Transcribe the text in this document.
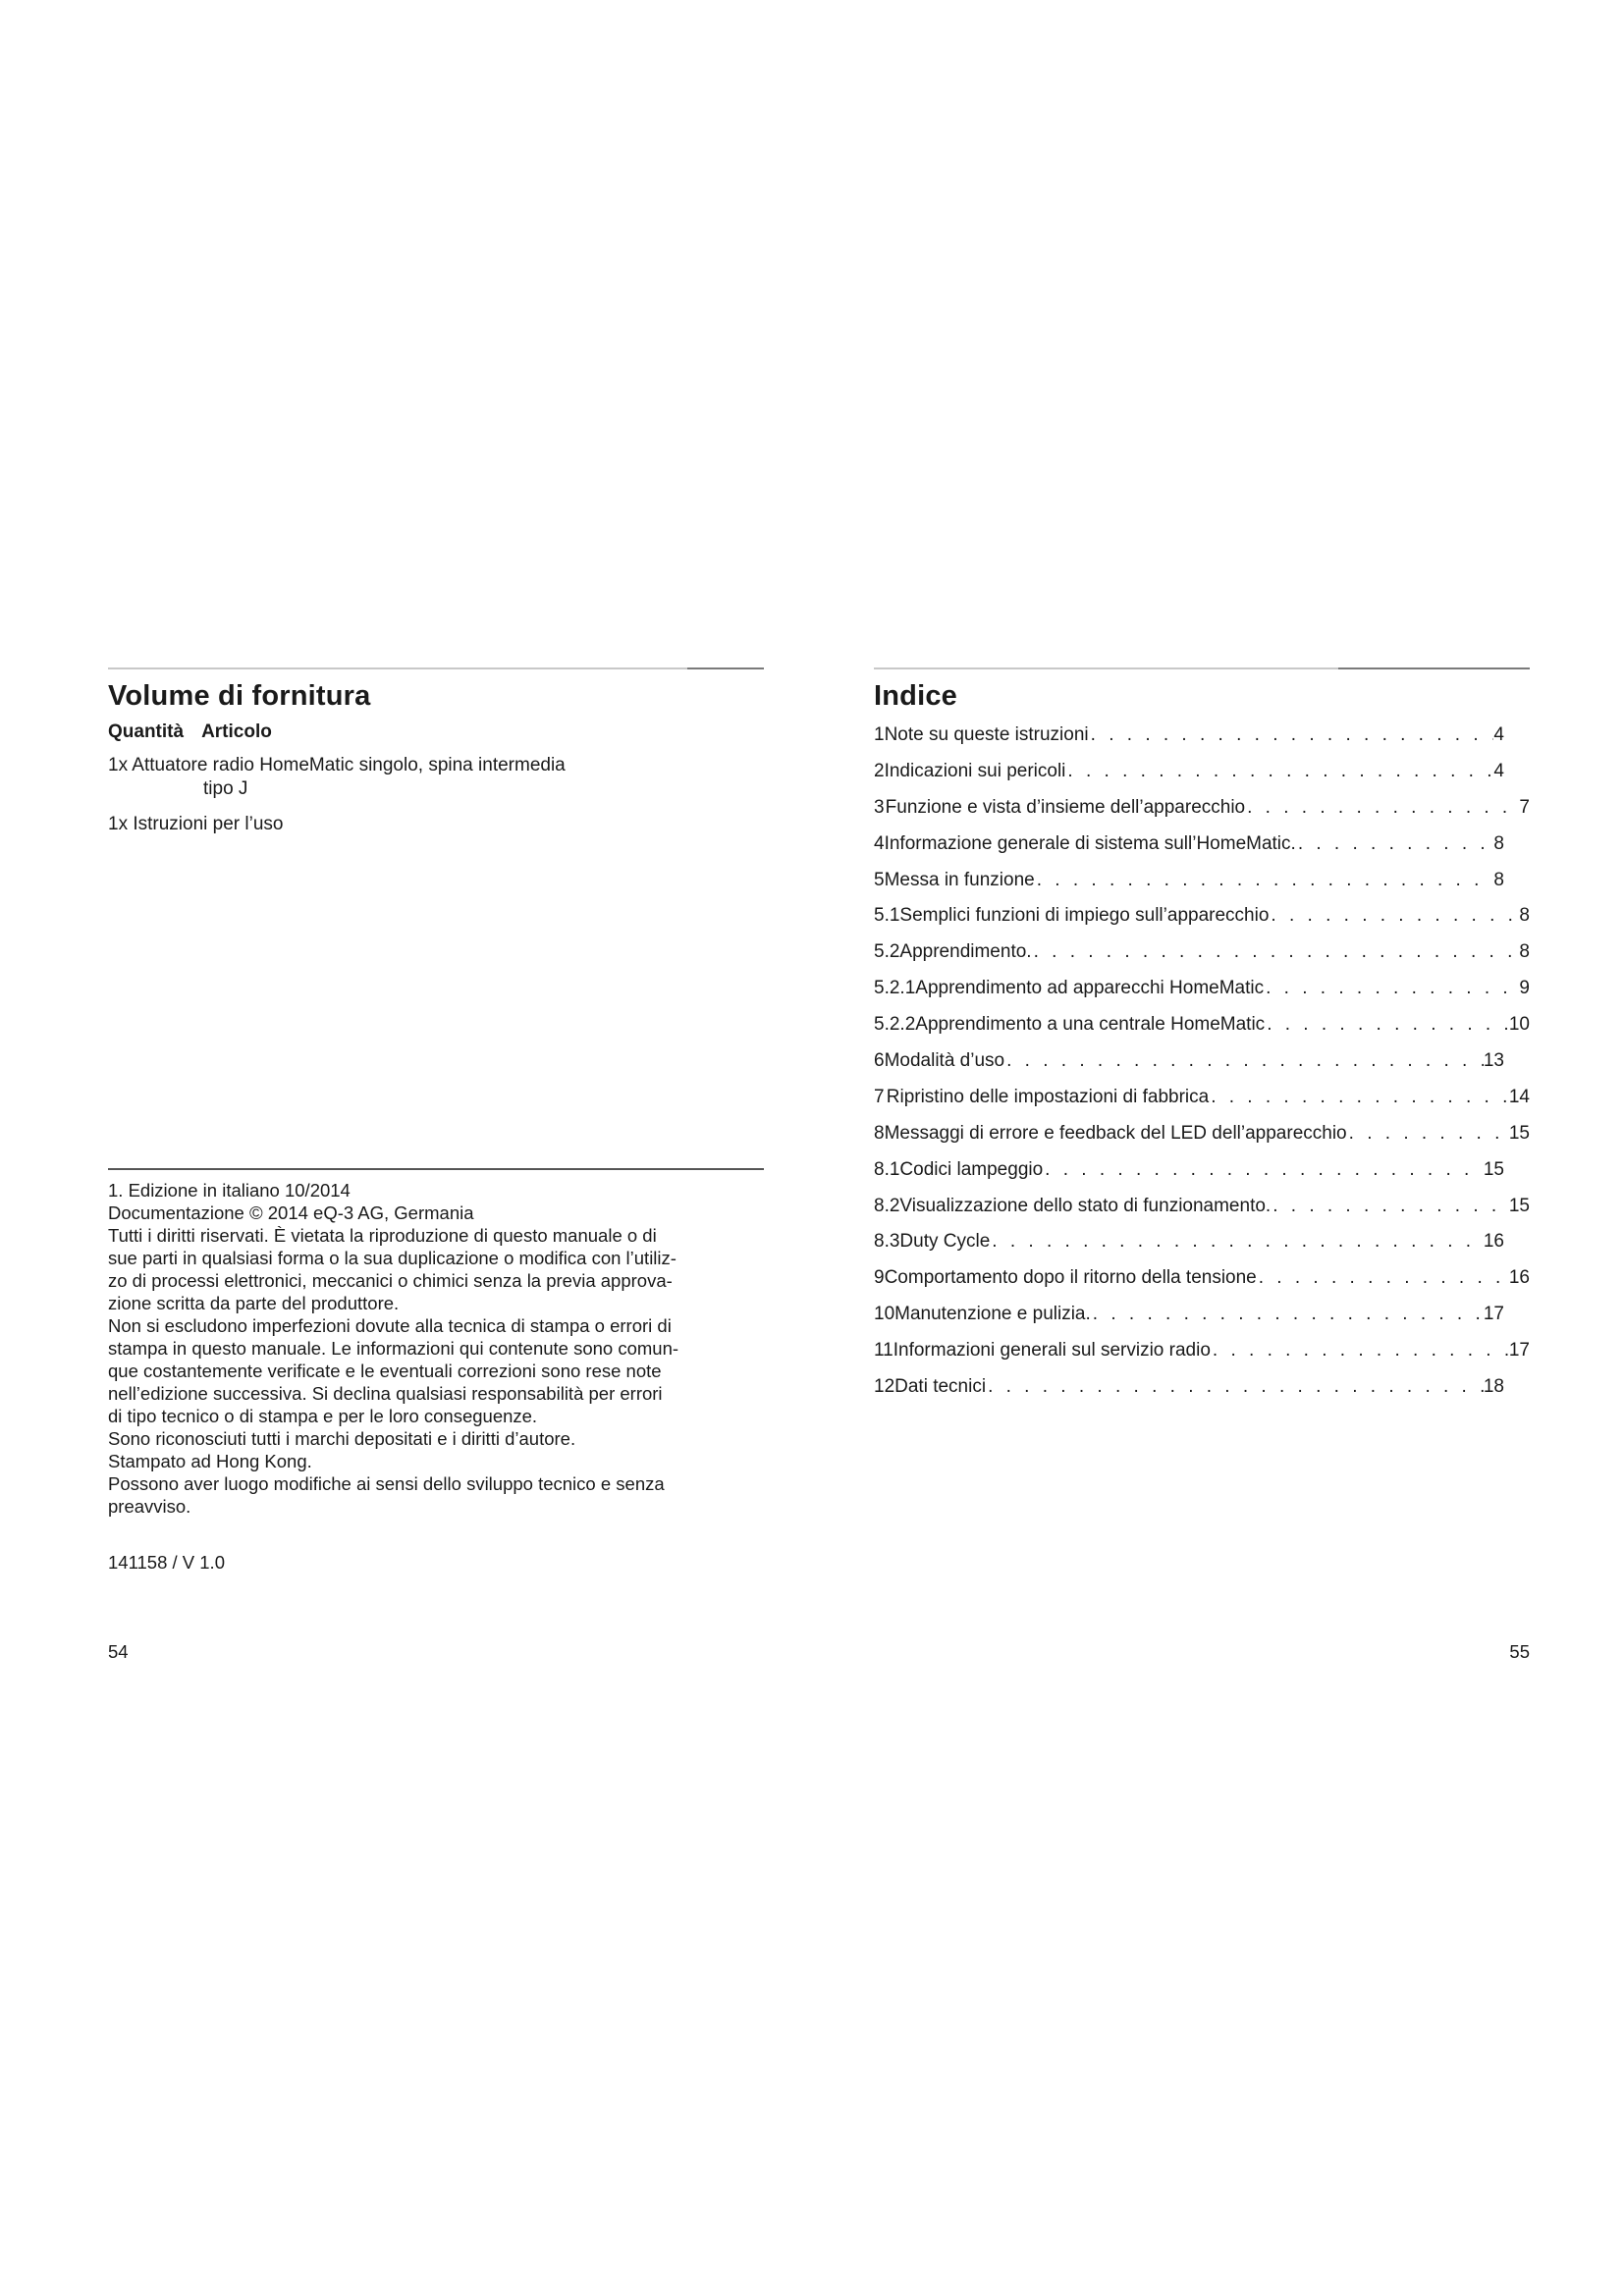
Volume di fornitura
Quantità Articolo
1x Attuatore radio HomeMatic singolo, spina intermedia
tipo J
1x Istruzioni per l’uso

1. Edizione in italiano 10/2014

Documentazione © 2014 eQ-3 AG, Germania

Tutti i diritti riservati. È vietata la riproduzione di questo manuale o di

sue parti in qualsiasi forma o la sua duplicazione o modifica con l’utiliz-

zo di processi elettronici, meccanici o chimici senza la previa approva-

zione scritta da parte del produttore.

Non si escludono imperfezioni dovute alla tecnica di stampa o errori di

stampa in questo manuale. Le informazioni qui contenute sono comun-

que costantemente verificate e le eventuali correzioni sono rese note

nell’edizione successiva. Si declina qualsiasi responsabilità per errori

di tipo tecnico o di stampa e per le loro conseguenze.

Sono riconosciuti tutti i marchi depositati e i diritti d’autore.

Stampato ad Hong Kong.

Possono aver luogo modifiche ai sensi dello sviluppo tecnico e senza

preavviso.

141158 / V 1.0
54
Indice
1 Note su queste istruzioni . . .	4
2 Indicazioni sui pericoli . . .	4
3 Funzione e vista d’insieme dell’apparecchio . . .	7
4 Informazione generale di sistema sull’HomeMatic. . . .	8
5 Messa in funzione . . .	8
5.1 Semplici funzioni di impiego sull’apparecchio . . .	8
5.2 Apprendimento. . . .	8
5.2.1 Apprendimento ad apparecchi HomeMatic . . .	9
5.2.2 Apprendimento a una centrale HomeMatic . . .	10
6 Modalità d’uso . . .	13
7 Ripristino delle impostazioni di fabbrica . . .	14
8 Messaggi di errore e feedback del LED dell’apparecchio . . .	15
8.1 Codici lampeggio . . .	15
8.2 Visualizzazione dello stato di funzionamento. . . .	15
8.3 Duty Cycle . . .	16
9 Comportamento dopo il ritorno della tensione . . .	16
10 Manutenzione e pulizia. . . .	17
11 Informazioni generali sul servizio radio . . .	17
12 Dati tecnici . . .	18
55
